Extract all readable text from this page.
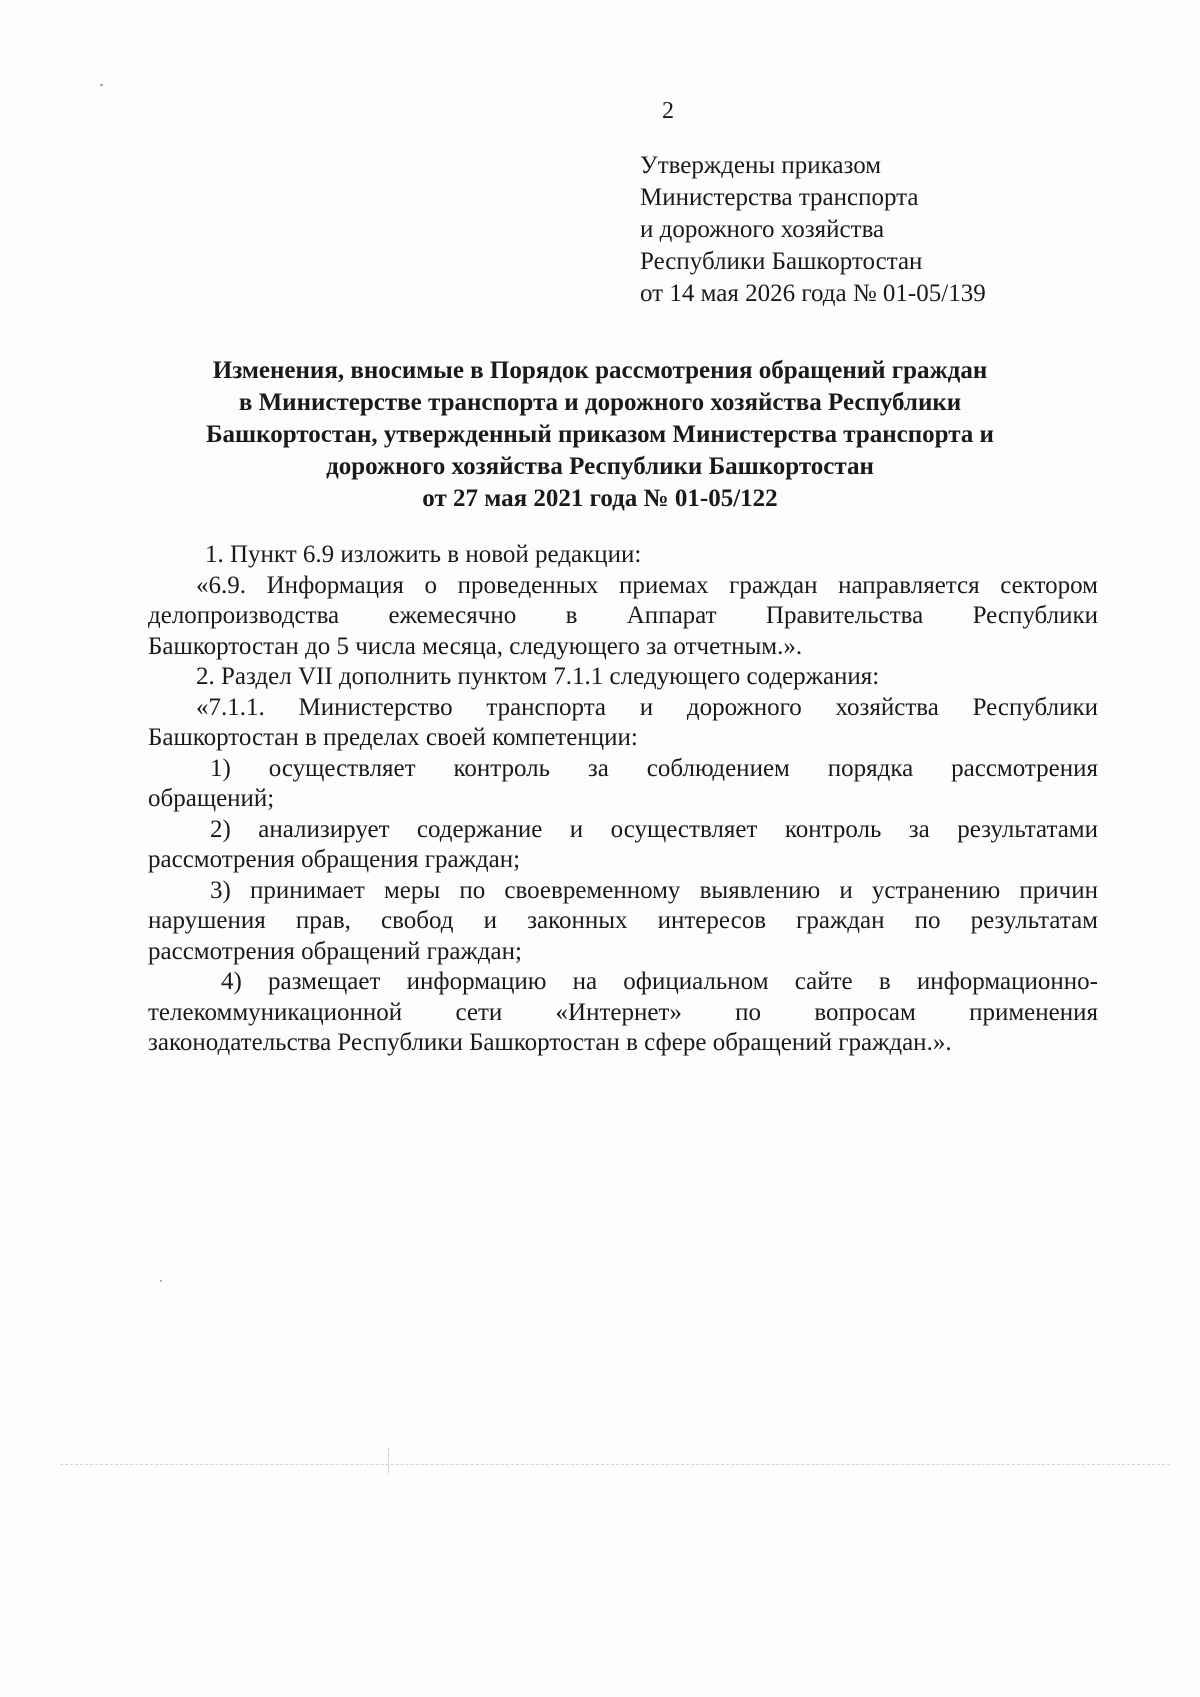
2
Утверждены приказом
Министерства транспорта
и дорожного хозяйства
Республики Башкортостан
от 14 мая 2026 года № 01-05/139
Изменения, вносимые в Порядок рассмотрения обращений граждан
в Министерстве транспорта и дорожного хозяйства Республики
Башкортостан, утвержденный приказом Министерства транспорта и
дорожного хозяйства Республики Башкортостан
от 27 мая 2021 года № 01-05/122
1. Пункт 6.9 изложить в новой редакции:
«6.9. Информация о проведенных приемах граждан направляется сектором
делопроизводства ежемесячно в Аппарат Правительства Республики
Башкортостан до 5 числа месяца, следующего за отчетным.».
2. Раздел VII дополнить пунктом 7.1.1 следующего содержания:
«7.1.1. Министерство транспорта и дорожного хозяйства Республики
Башкортостан в пределах своей компетенции:
1) осуществляет контроль за соблюдением порядка рассмотрения
обращений;
2) анализирует содержание и осуществляет контроль за результатами
рассмотрения обращения граждан;
3) принимает меры по своевременному выявлению и устранению причин
нарушения прав, свобод и законных интересов граждан по результатам
рассмотрения обращений граждан;
4) размещает информацию на официальном сайте в информационно-
телекоммуникационной сети «Интернет» по вопросам применения
законодательства Республики Башкортостан в сфере обращений граждан.».
